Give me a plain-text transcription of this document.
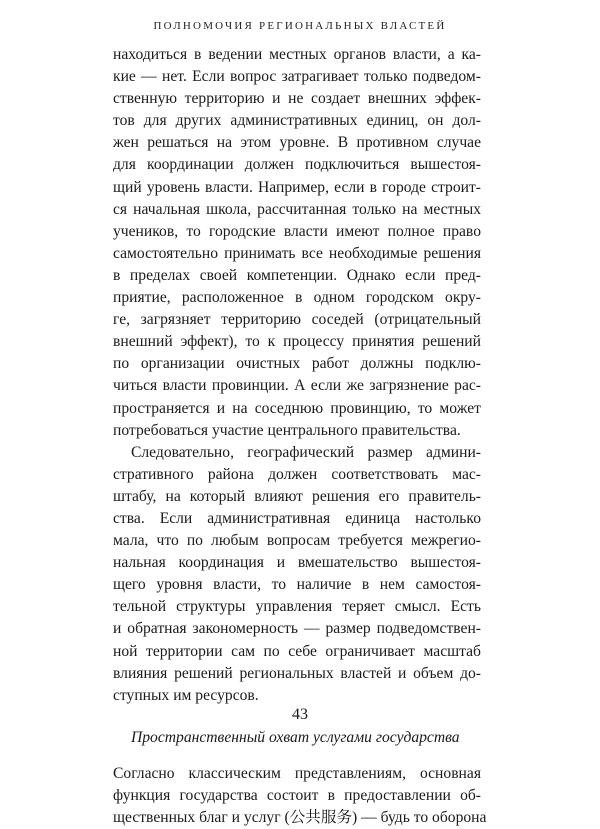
ПОЛНОМОЧИЯ РЕГИОНАЛЬНЫХ ВЛАСТЕЙ
находиться в ведении местных органов власти, а ка-
кие — нет. Если вопрос затрагивает только подведом-
ственную территорию и не создает внешних эффек-
тов для других административных единиц, он дол-
жен решаться на этом уровне. В противном случае
для координации должен подключиться вышестоя-
щий уровень власти. Например, если в городе строит-
ся начальная школа, рассчитанная только на местных
учеников, то городские власти имеют полное право
самостоятельно принимать все необходимые решения
в пределах своей компетенции. Однако если пред-
приятие, расположенное в одном городском окру-
ге, загрязняет территорию соседей (отрицательный
внешний эффект), то к процессу принятия решений
по организации очистных работ должны подклю-
читься власти провинции. А если же загрязнение рас-
пространяется и на соседнюю провинцию, то может
потребоваться участие центрального правительства.
Следовательно, географический размер админи-
стративного района должен соответствовать мас-
штабу, на который влияют решения его правитель-
ства. Если административная единица настолько
мала, что по любым вопросам требуется межрегио-
нальная координация и вмешательство вышестоя-
щего уровня власти, то наличие в нем самостоя-
тельной структуры управления теряет смысл. Есть
и обратная закономерность — размер подведомствен-
ной территории сам по себе ограничивает масштаб
влияния решений региональных властей и объем до-
ступных им ресурсов.
Пространственный охват услугами государства
Согласно классическим представлениям, основная
функция государства состоит в предоставлении об-
щественных благ и услуг (公共服务) — будь то оборона
43
